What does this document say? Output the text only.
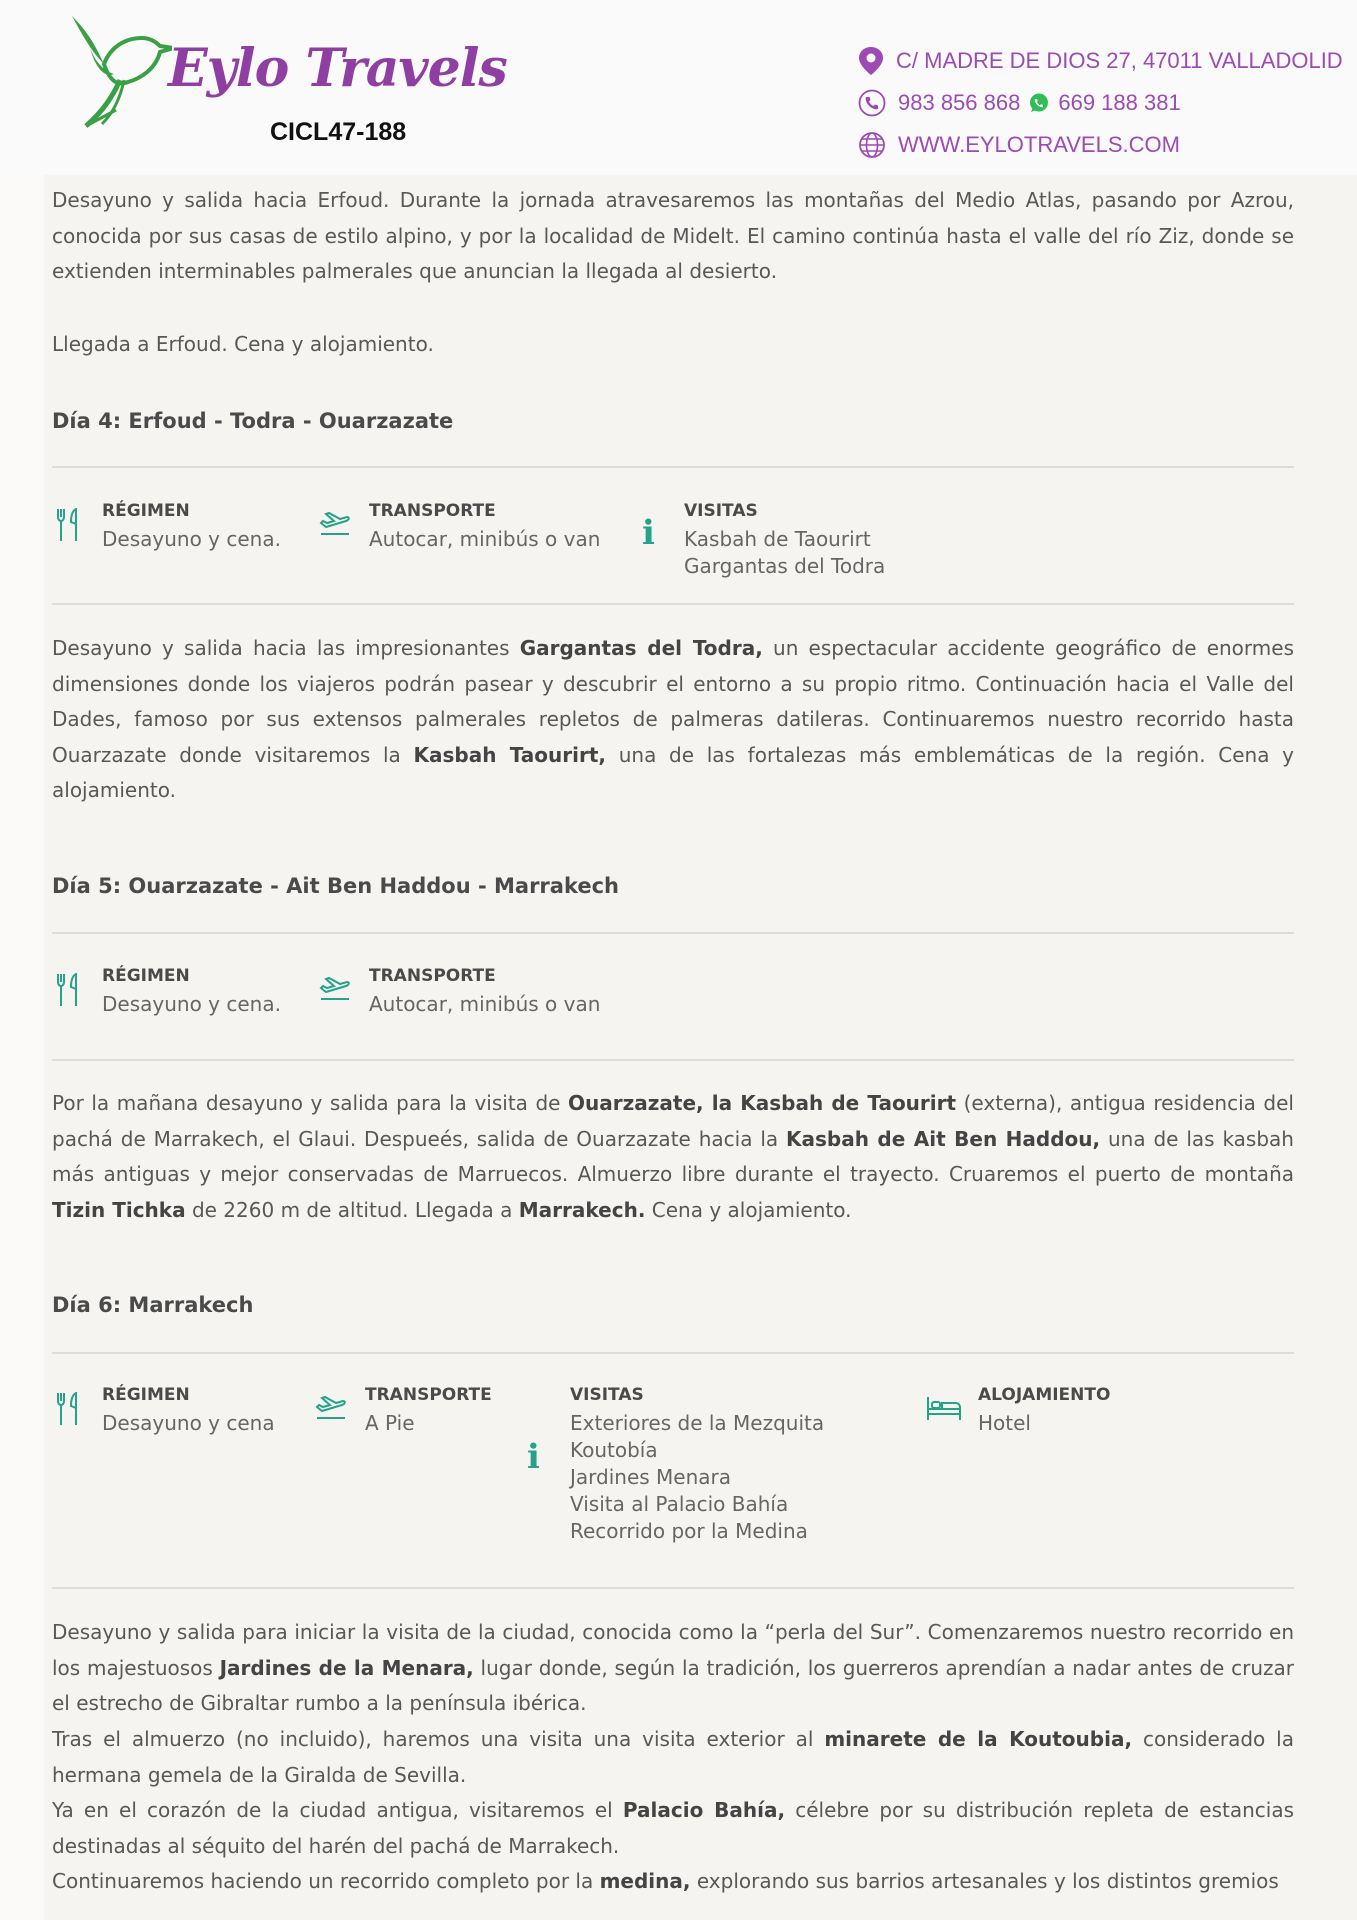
Eylo Travels
CICL47-188
C/ MADRE DE DIOS 27, 47011 VALLADOLID
983 856 868 669 188 381
WWW.EYLOTRAVELS.COM

Desayuno y salida hacia Erfoud. Durante la jornada atravesaremos las montañas del Medio Atlas, pasando por Azrou, conocida por sus casas de estilo alpino, y por la localidad de Midelt. El camino continúa hasta el valle del río Ziz, donde se extienden interminables palmerales que anuncian la llegada al desierto.

Llegada a Erfoud. Cena y alojamiento.

Día 4: Erfoud - Todra - Ouarzazate
RÉGIMEN
Desayuno y cena.
TRANSPORTE
Autocar, minibús o van i
VISITAS
Kasbah de Taourirt
Gargantas del Todra

Desayuno y salida hacia las impresionantes Gargantas del Todra, un espectacular accidente geográfico de enormes dimensiones donde los viajeros podrán pasear y descubrir el entorno a su propio ritmo. Continuación hacia el Valle del Dades, famoso por sus extensos palmerales repletos de palmeras datileras. Continuaremos nuestro recorrido hasta Ouarzazate donde visitaremos la Kasbah Taourirt, una de las fortalezas más emblemáticas de la región. Cena y alojamiento.

Día 5: Ouarzazate - Ait Ben Haddou - Marrakech
RÉGIMEN
Desayuno y cena.
TRANSPORTE
Autocar, minibús o van

Por la mañana desayuno y salida para la visita de Ouarzazate, la Kasbah de Taourirt (externa), antigua residencia del pachá de Marrakech, el Glaui. Despueés, salida de Ouarzazate hacia la Kasbah de Ait Ben Haddou, una de las kasbah más antiguas y mejor conservadas de Marruecos. Almuerzo libre durante el trayecto. Cruaremos el puerto de montaña Tizin Tichka de 2260 m de altitud. Llegada a Marrakech. Cena y alojamiento.

Día 6: Marrakech
RÉGIMEN
Desayuno y cena
TRANSPORTE
A Pie
i
VISITAS
Exteriores de la Mezquita
Koutobía
Jardines Menara
Visita al Palacio Bahía
Recorrido por la Medina
ALOJAMIENTO
Hotel

Desayuno y salida para iniciar la visita de la ciudad, conocida como la “perla del Sur”. Comenzaremos nuestro recorrido en los majestuosos Jardines de la Menara, lugar donde, según la tradición, los guerreros aprendían a nadar antes de cruzar el estrecho de Gibraltar rumbo a la península ibérica.

Tras el almuerzo (no incluido), haremos una visita una visita exterior al minarete de la Koutoubia, considerado la hermana gemela de la Giralda de Sevilla.

Ya en el corazón de la ciudad antigua, visitaremos el Palacio Bahía, célebre por su distribución repleta de estancias destinadas al séquito del harén del pachá de Marrakech.

Continuaremos haciendo un recorrido completo por la medina, explorando sus barrios artesanales y los distintos gremios
